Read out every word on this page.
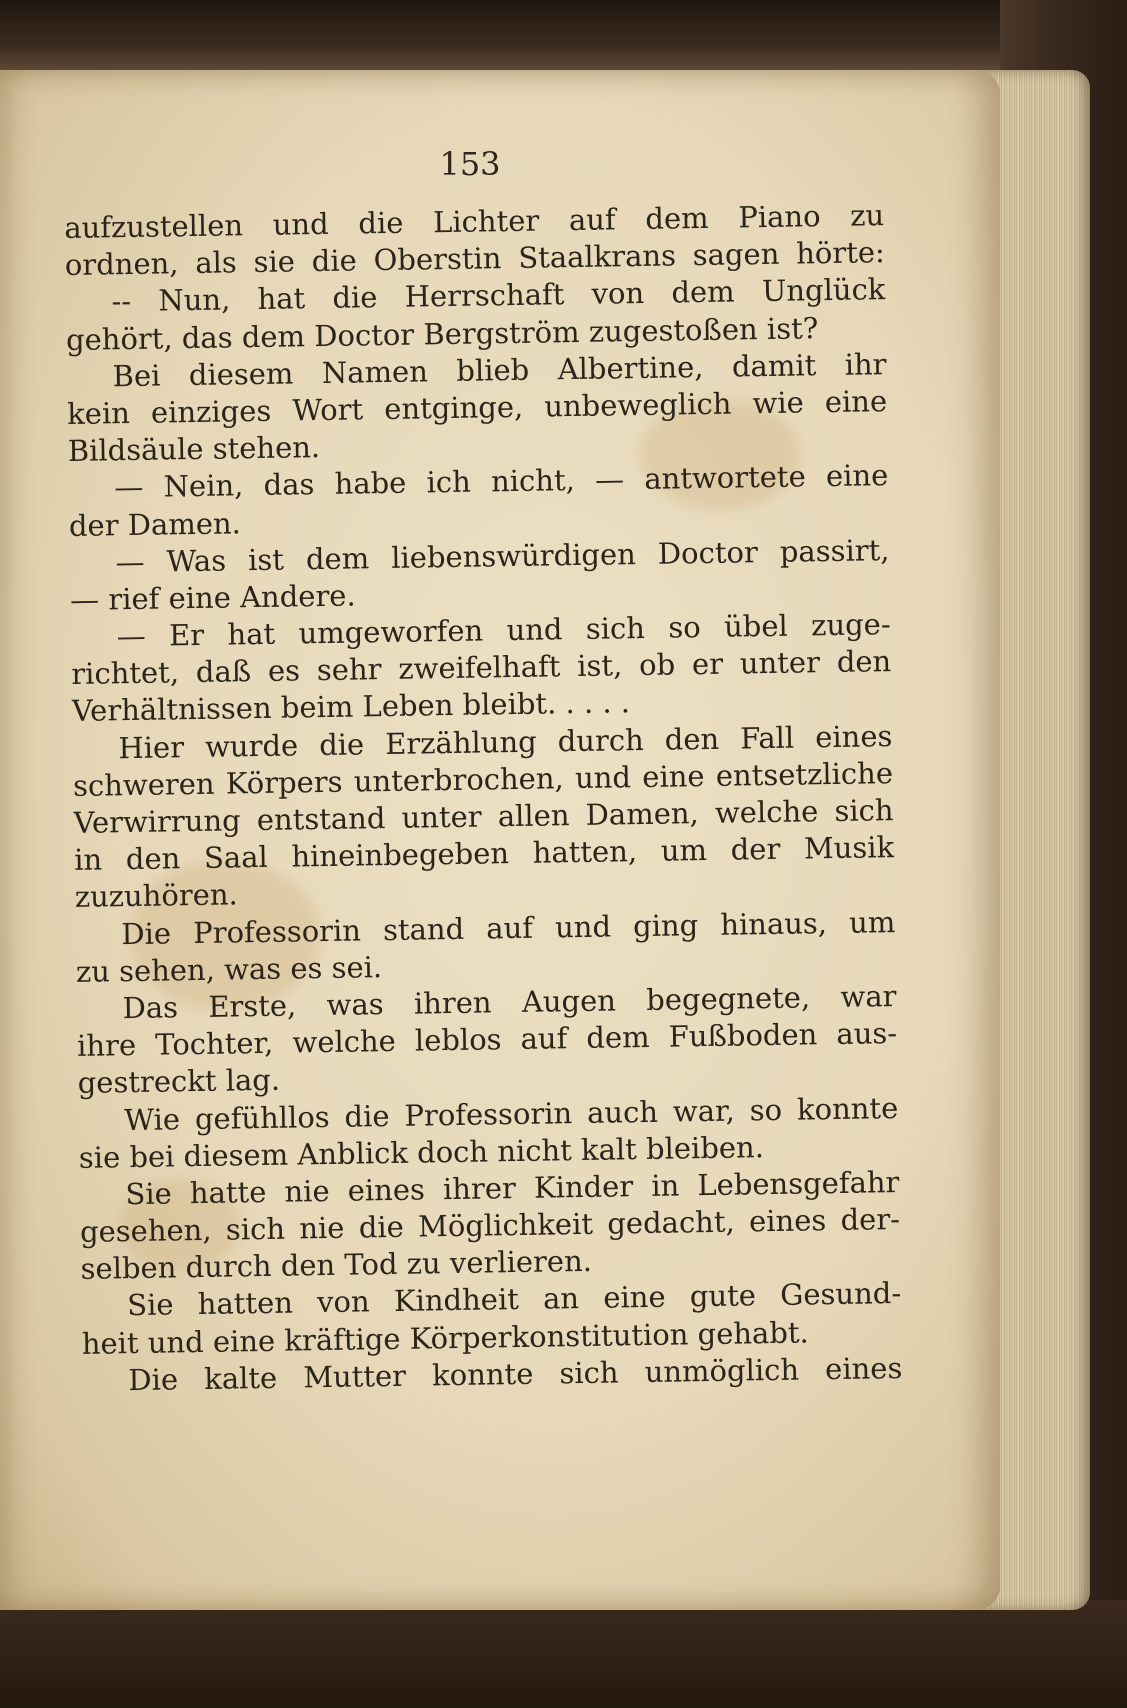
153

aufzustellen und die Lichter auf dem Piano zu
ordnen, als sie die Oberstin Staalkrans sagen hörte:
-- Nun, hat die Herrschaft von dem Unglück
gehört, das dem Doctor Bergström zugestoßen ist?
Bei diesem Namen blieb Albertine, damit ihr
kein einziges Wort entginge, unbeweglich wie eine
Bildsäule stehen.
— Nein, das habe ich nicht, — antwortete eine
der Damen.
— Was ist dem liebenswürdigen Doctor passirt,
— rief eine Andere.
— Er hat umgeworfen und sich so übel zuge-
richtet, daß es sehr zweifelhaft ist, ob er unter den
Verhältnissen beim Leben bleibt. . . . .
Hier wurde die Erzählung durch den Fall eines
schweren Körpers unterbrochen, und eine entsetzliche
Verwirrung entstand unter allen Damen, welche sich
in den Saal hineinbegeben hatten, um der Musik
zuzuhören.
Die Professorin stand auf und ging hinaus, um
zu sehen, was es sei.
Das Erste, was ihren Augen begegnete, war
ihre Tochter, welche leblos auf dem Fußboden aus-
gestreckt lag.
Wie gefühllos die Professorin auch war, so konnte
sie bei diesem Anblick doch nicht kalt bleiben.
Sie hatte nie eines ihrer Kinder in Lebensgefahr
gesehen, sich nie die Möglichkeit gedacht, eines der-
selben durch den Tod zu verlieren.
Sie hatten von Kindheit an eine gute Gesund-
heit und eine kräftige Körperkonstitution gehabt.
Die kalte Mutter konnte sich unmöglich eines
